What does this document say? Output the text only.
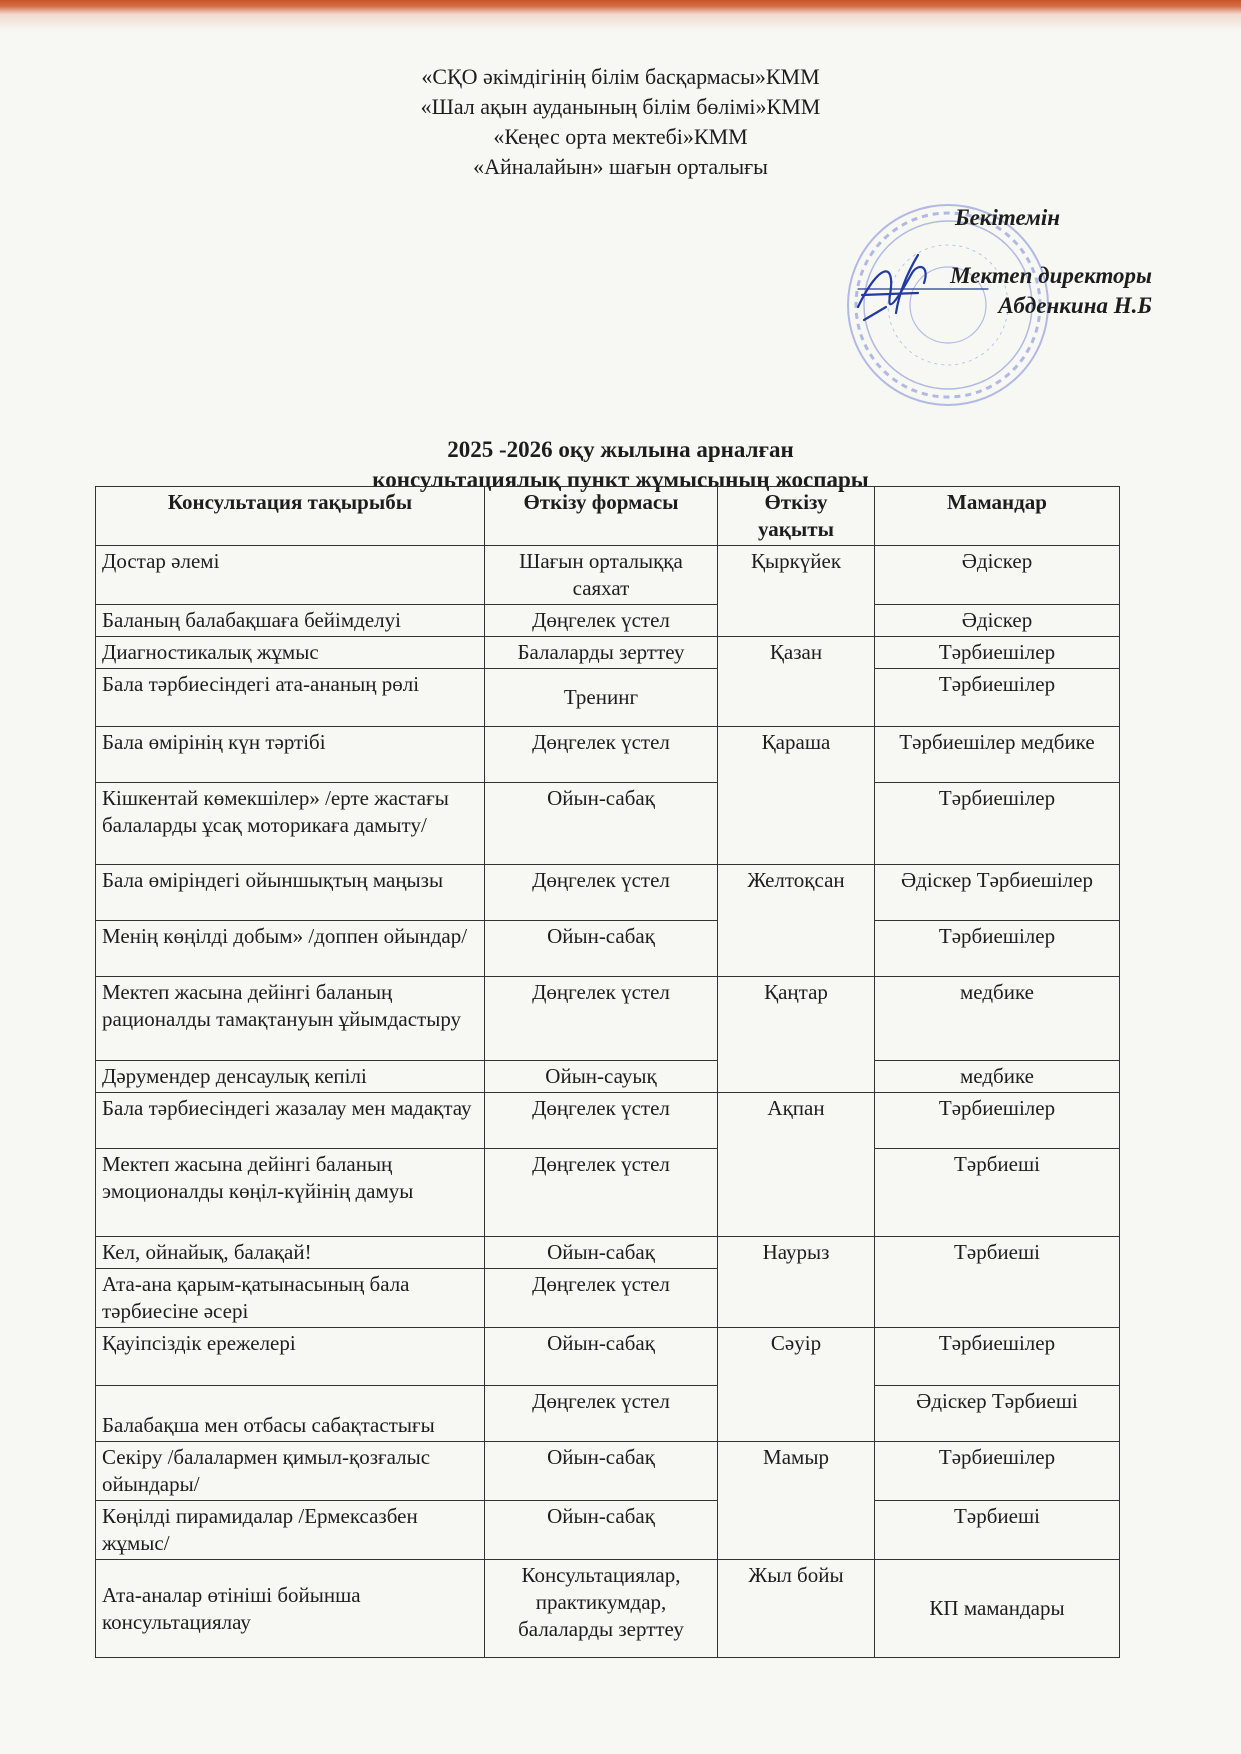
«СҚО әкімдігінің білім басқармасы»КММ
«Шал ақын ауданының білім бөлімі»КММ
«Кеңес орта мектебі»КММ
«Айналайын» шағын орталығы
Бекітемін
Мектеп директоры
Абденкина Н.Б
2025 -2026 оқу жылына арналған
консультациялық пункт жұмысының жоспары
Консультация тақырыбы	Өткізу формасы	Өткізу уақыты	Мамандар
Достар әлемі	Шағын орталыққа саяхат	Қыркүйек	Әдіскер
Баланың балабақшаға бейімделуі	Дөңгелек үстел		Әдіскер
Диагностикалық жұмыс	Балаларды зерттеу	Қазан	Тәрбиешілер
Бала тәрбиесіндегі ата-ананың рөлі	Тренинг		Тәрбиешілер
Бала өмірінің күн тәртібі	Дөңгелек үстел	Қараша	Тәрбиешілер медбике
Кішкентай көмекшілер» /ерте жастағы балаларды ұсақ моторикаға дамыту/	Ойын-сабақ		Тәрбиешілер
Бала өміріндегі ойыншықтың маңызы	Дөңгелек үстел	Желтоқсан	Әдіскер Тәрбиешілер
Менің көңілді добым» /доппен ойындар/	Ойын-сабақ		Тәрбиешілер
Мектеп жасына дейінгі баланың рационалды тамақтануын ұйымдастыру	Дөңгелек үстел	Қаңтар	медбике
Дәрумендер денсаулық кепілі	Ойын-сауық		медбике
Бала тәрбиесіндегі жазалау мен мадақтау	Дөңгелек үстел	Ақпан	Тәрбиешілер
Мектеп жасына дейінгі баланың эмоционалды көңіл-күйінің дамуы	Дөңгелек үстел		Тәрбиеші
Кел, ойнайық, балақай!	Ойын-сабақ	Наурыз	Тәрбиеші
Ата-ана қарым-қатынасының бала тәрбиесіне әсері	Дөңгелек үстел		
Қауіпсіздік ережелері	Ойын-сабақ	Сәуір	Тәрбиешілер
Балабақша мен отбасы сабақтастығы	Дөңгелек үстел		Әдіскер Тәрбиеші
Секіру /балалармен қимыл-қозғалыс ойындары/	Ойын-сабақ	Мамыр	Тәрбиешілер
Көңілді пирамидалар /Ермексазбен жұмыс/	Ойын-сабақ		Тәрбиеші
Ата-аналар өтініші бойынша консультациялау	Консультациялар, практикумдар, балаларды зерттеу	Жыл бойы	КП мамандары
